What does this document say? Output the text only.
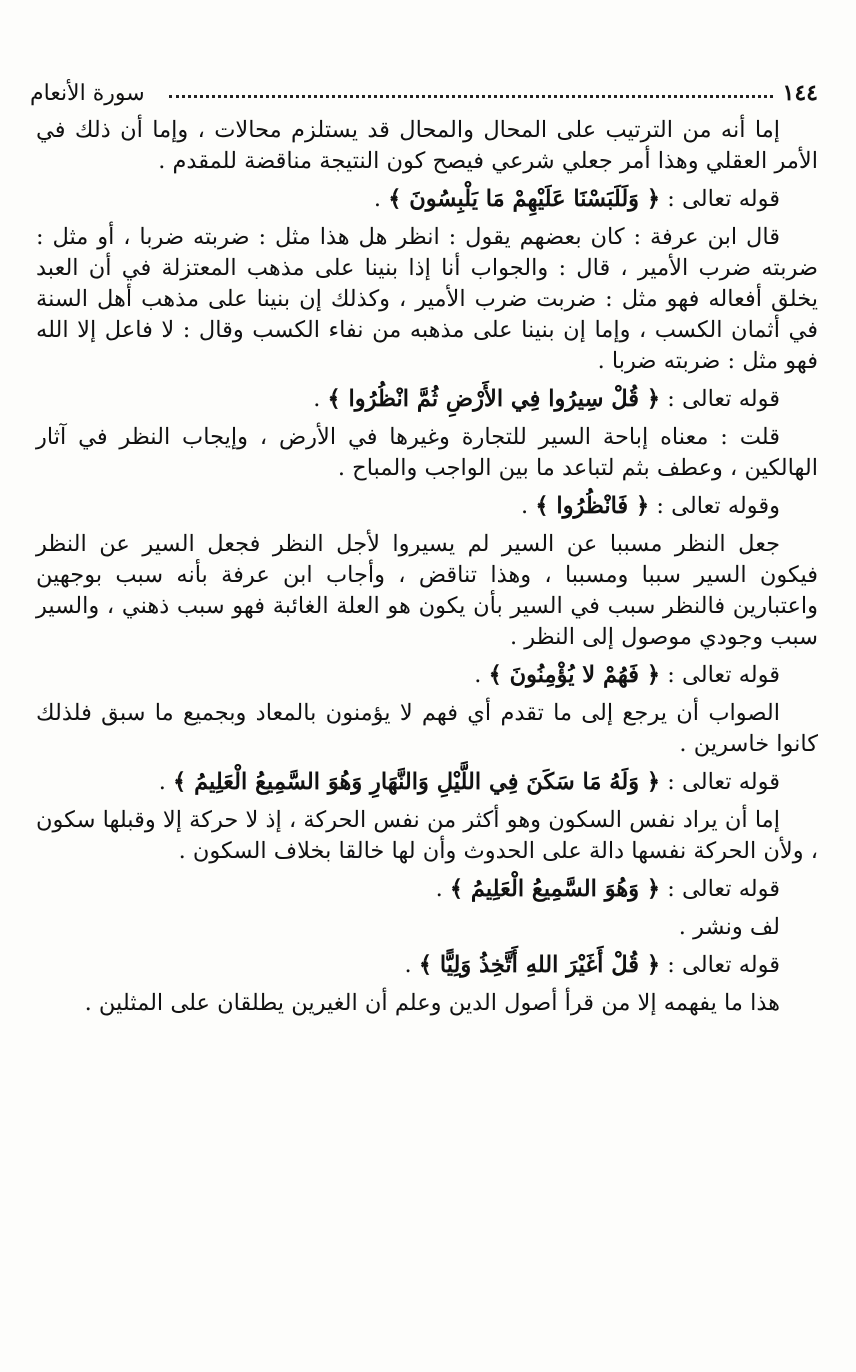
١٤٤
سورة الأنعام

إما أنه من الترتيب على المحال والمحال قد يستلزم محالات ، وإما أن ذلك في الأمر العقلي وهذا أمر جعلي شرعي فيصح كون النتيجة مناقضة للمقدم .

قوله تعالى : ﴿ وَلَلَبَسْنَا عَلَيْهِمْ مَا يَلْبِسُونَ ﴾ .

قال ابن عرفة : كان بعضهم يقول : انظر هل هذا مثل : ضربته ضربا ، أو مثل : ضربته ضرب الأمير ، قال : والجواب أنا إذا بنينا على مذهب المعتزلة في أن العبد يخلق أفعاله فهو مثل : ضربت ضرب الأمير ، وكذلك إن بنينا على مذهب أهل السنة في أثمان الكسب ، وإما إن بنينا على مذهبه من نفاء الكسب وقال : لا فاعل إلا الله فهو مثل : ضربته ضربا .

قوله تعالى : ﴿ قُلْ سِيرُوا فِي الأَرْضِ ثُمَّ انْظُرُوا ﴾ .

قلت : معناه إباحة السير للتجارة وغيرها في الأرض ، وإيجاب النظر في آثار الهالكين ، وعطف بثم لتباعد ما بين الواجب والمباح .

وقوله تعالى : ﴿ فَانْظُرُوا ﴾ .

جعل النظر مسببا عن السير لم يسيروا لأجل النظر فجعل السير عن النظر فيكون السير سببا ومسببا ، وهذا تناقض ، وأجاب ابن عرفة بأنه سبب بوجهين واعتبارين فالنظر سبب في السير بأن يكون هو العلة الغائبة فهو سبب ذهني ، والسير سبب وجودي موصول إلى النظر .

قوله تعالى : ﴿ فَهُمْ لا يُؤْمِنُونَ ﴾ .

الصواب أن يرجع إلى ما تقدم أي فهم لا يؤمنون بالمعاد وبجميع ما سبق فلذلك كانوا خاسرين .

قوله تعالى : ﴿ وَلَهُ مَا سَكَنَ فِي اللَّيْلِ وَالنَّهَارِ وَهُوَ السَّمِيعُ الْعَلِيمُ ﴾ .

إما أن يراد نفس السكون وهو أكثر من نفس الحركة ، إذ لا حركة إلا وقبلها سكون ، ولأن الحركة نفسها دالة على الحدوث وأن لها خالقا بخلاف السكون .

قوله تعالى : ﴿ وَهُوَ السَّمِيعُ الْعَلِيمُ ﴾ .

لف ونشر .

قوله تعالى : ﴿ قُلْ أَغَيْرَ اللهِ أَتَّخِذُ وَلِيًّا ﴾ .

هذا ما يفهمه إلا من قرأ أصول الدين وعلم أن الغيرين يطلقان على المثلين .
